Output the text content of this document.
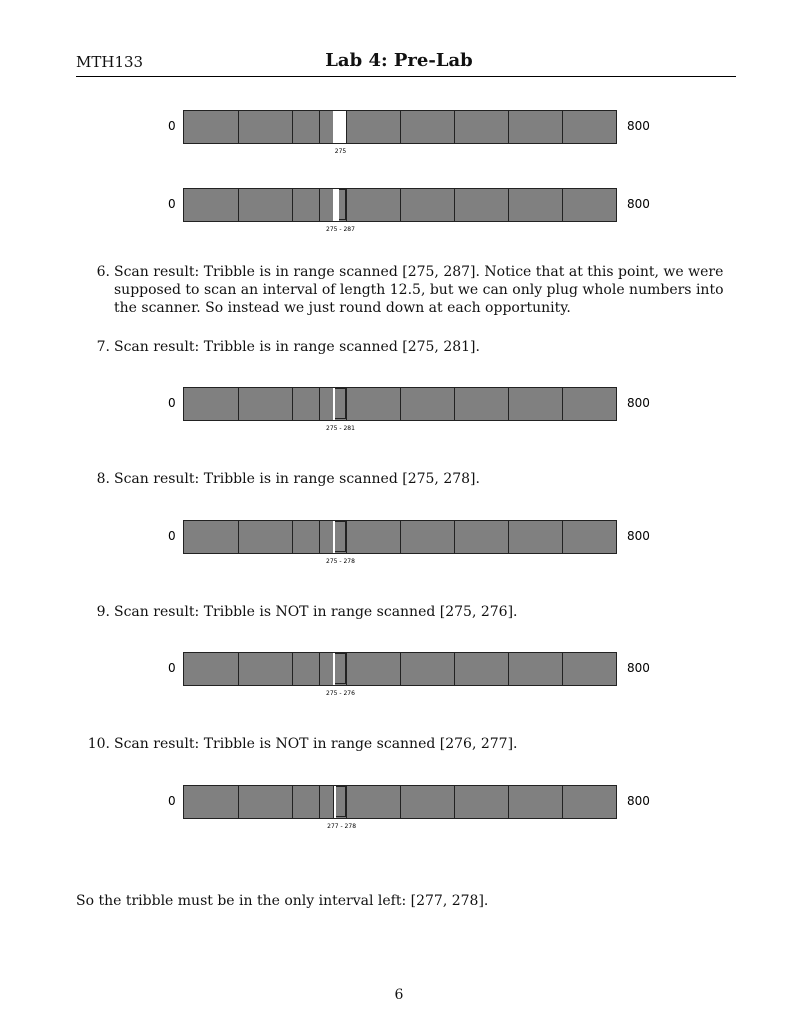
MTH133	Lab 4: Pre-Lab
0	800
275
0	800
275 - 287
6. Scan result: Tribble is in range scanned [275, 287]. Notice that at this point, we were supposed to scan an interval of length 12.5, but we can only plug whole numbers into the scanner. So instead we just round down at each opportunity.
7. Scan result: Tribble is in range scanned [275, 281].
0	800
275 - 281
8. Scan result: Tribble is in range scanned [275, 278].
0	800
275 - 278
9. Scan result: Tribble is NOT in range scanned [275, 276].
0	800
275 - 276
10. Scan result: Tribble is NOT in range scanned [276, 277].
0	800
277 - 278
So the tribble must be in the only interval left: [277, 278].
6
